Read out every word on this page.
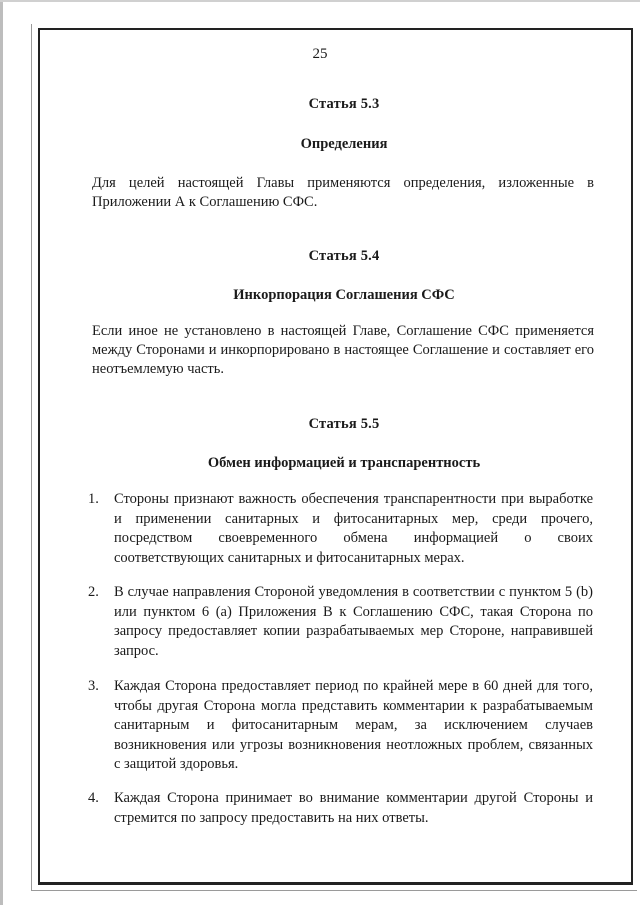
25
Статья 5.3
Определения
Для целей настоящей Главы применяются определения, изложенные в Приложении А к Соглашению СФС.
Статья 5.4
Инкорпорация Соглашения СФС
Если иное не установлено в настоящей Главе, Соглашение СФС применяется между Сторонами и инкорпорировано в настоящее Соглашение и составляет его неотъемлемую часть.
Статья 5.5
Обмен информацией и транспарентность
1. Стороны признают важность обеспечения транспарентности при выработке и применении санитарных и фитосанитарных мер, среди прочего, посредством своевременного обмена информацией о своих соответствующих санитарных и фитосанитарных мерах.
2. В случае направления Стороной уведомления в соответствии с пунктом 5 (b) или пунктом 6 (a) Приложения B к Соглашению СФС, такая Сторона по запросу предоставляет копии разрабатываемых мер Стороне, направившей запрос.
3. Каждая Сторона предоставляет период по крайней мере в 60 дней для того, чтобы другая Сторона могла представить комментарии к разрабатываемым санитарным и фитосанитарным мерам, за исключением случаев возникновения или угрозы возникновения неотложных проблем, связанных с защитой здоровья.
4. Каждая Сторона принимает во внимание комментарии другой Стороны и стремится по запросу предоставить на них ответы.
